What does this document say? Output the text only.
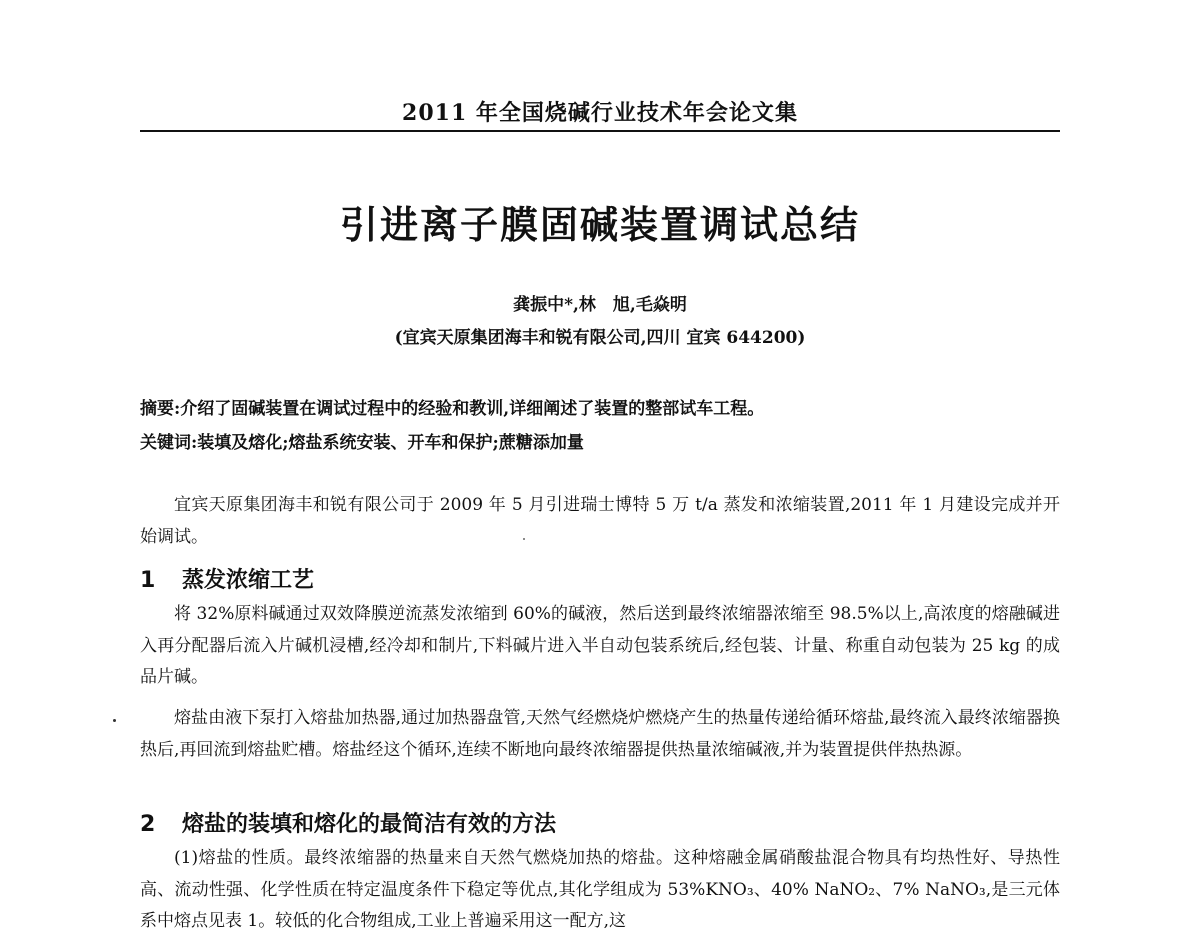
2011 年全国烧碱行业技术年会论文集
引进离子膜固碱装置调试总结
龚振中*,林　旭,毛焱明
(宜宾天原集团海丰和锐有限公司,四川 宜宾 644200)
摘要:介绍了固碱装置在调试过程中的经验和教训,详细阐述了装置的整部试车工程。
关键词:装填及熔化;熔盐系统安装、开车和保护;蔗糖添加量

宜宾天原集团海丰和锐有限公司于 2009 年 5 月引进瑞士博特 5 万 t/a 蒸发和浓缩装置,2011 年 1 月建设完成并开始调试。

1 蒸发浓缩工艺

将 32%原料碱通过双效降膜逆流蒸发浓缩到 60%的碱液，然后送到最终浓缩器浓缩至 98.5%以上,高浓度的熔融碱进入再分配器后流入片碱机浸槽,经冷却和制片,下料碱片进入半自动包装系统后,经包装、计量、称重自动包装为 25 kg 的成品片碱。

熔盐由液下泵打入熔盐加热器,通过加热器盘管,天然气经燃烧炉燃烧产生的热量传递给循环熔盐,最终流入最终浓缩器换热后,再回流到熔盐贮槽。熔盐经这个循环,连续不断地向最终浓缩器提供热量浓缩碱液,并为装置提供伴热热源。

2 熔盐的装填和熔化的最简洁有效的方法

(1)熔盐的性质。最终浓缩器的热量来自天然气燃烧加热的熔盐。这种熔融金属硝酸盐混合物具有均热性好、导热性高、流动性强、化学性质在特定温度条件下稳定等优点,其化学组成为 53%KNO₃、40% NaNO₂、7% NaNO₃,是三元体系中熔点见表 1。较低的化合物组成,工业上普遍采用这一配方,这
